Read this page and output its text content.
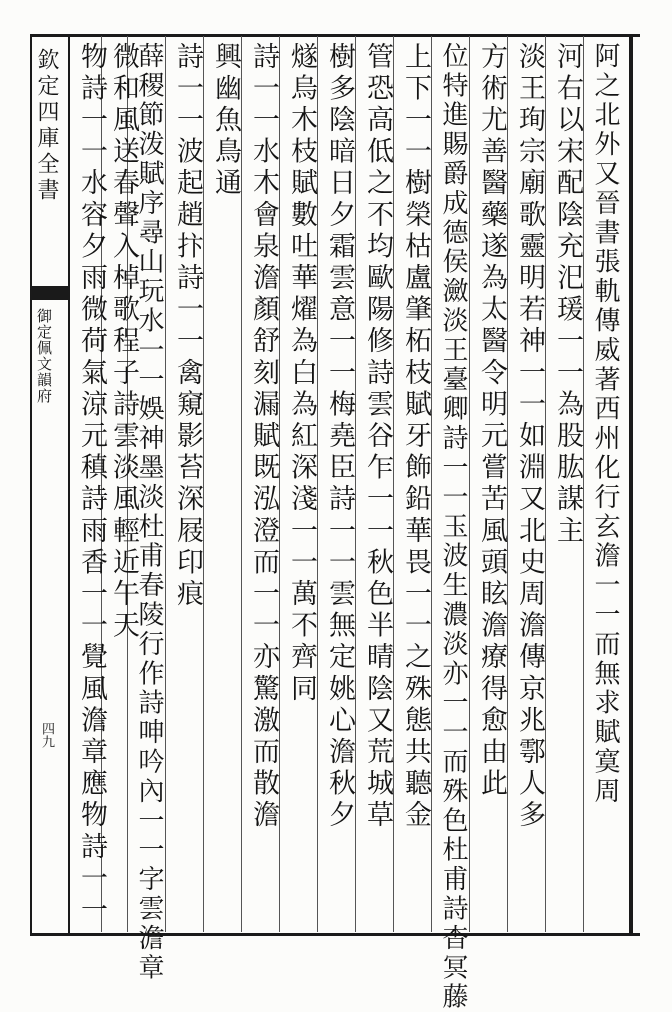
欽定四庫全書
御定佩文韻府
四九	阿之北外又晉書張軌傳威著西州化行玄澹一一而無求賦寞周
河右以宋配陰充汜瑗一一為股肱謀主
淡王珣宗廟歌靈明若神一一如淵又北史周澹傳京兆鄠人多
方術尤善醫藥遂為太醫令明元嘗苦風頭眩澹療得愈由此
位特進賜爵成德侯瀲淡王臺卿詩一一玉波生濃淡亦一一而殊色杜甫詩杳冥藤
上下一一樹榮枯盧肇柘枝賦牙飾鉛華畏一一之殊態共聽金
管恐高低之不均歐陽修詩雲谷乍一一秋色半晴陰又荒城草
樹多陰暗日夕霜雲意一一梅堯臣詩一一雲無定姚心澹秋夕
燧烏木枝賦數吐華燿為白為紅深淺一一萬不齊同
詩一一水木會泉澹顏舒刻漏賦既泓澄而一一亦驚激而散澹
興幽魚鳥通
詩一一波起趙抃詩一一禽窺影苔深屐印痕
薛稷節泼賦序尋山玩水一一娛神墨淡杜甫春陵行作詩呻吟內一一字雲澹章
微和風送春聲入棹歌程子詩雲淡風輕近午天
物詩一一水容夕雨微荷氣涼元稹詩雨香一一覺風澹章應物詩一一
